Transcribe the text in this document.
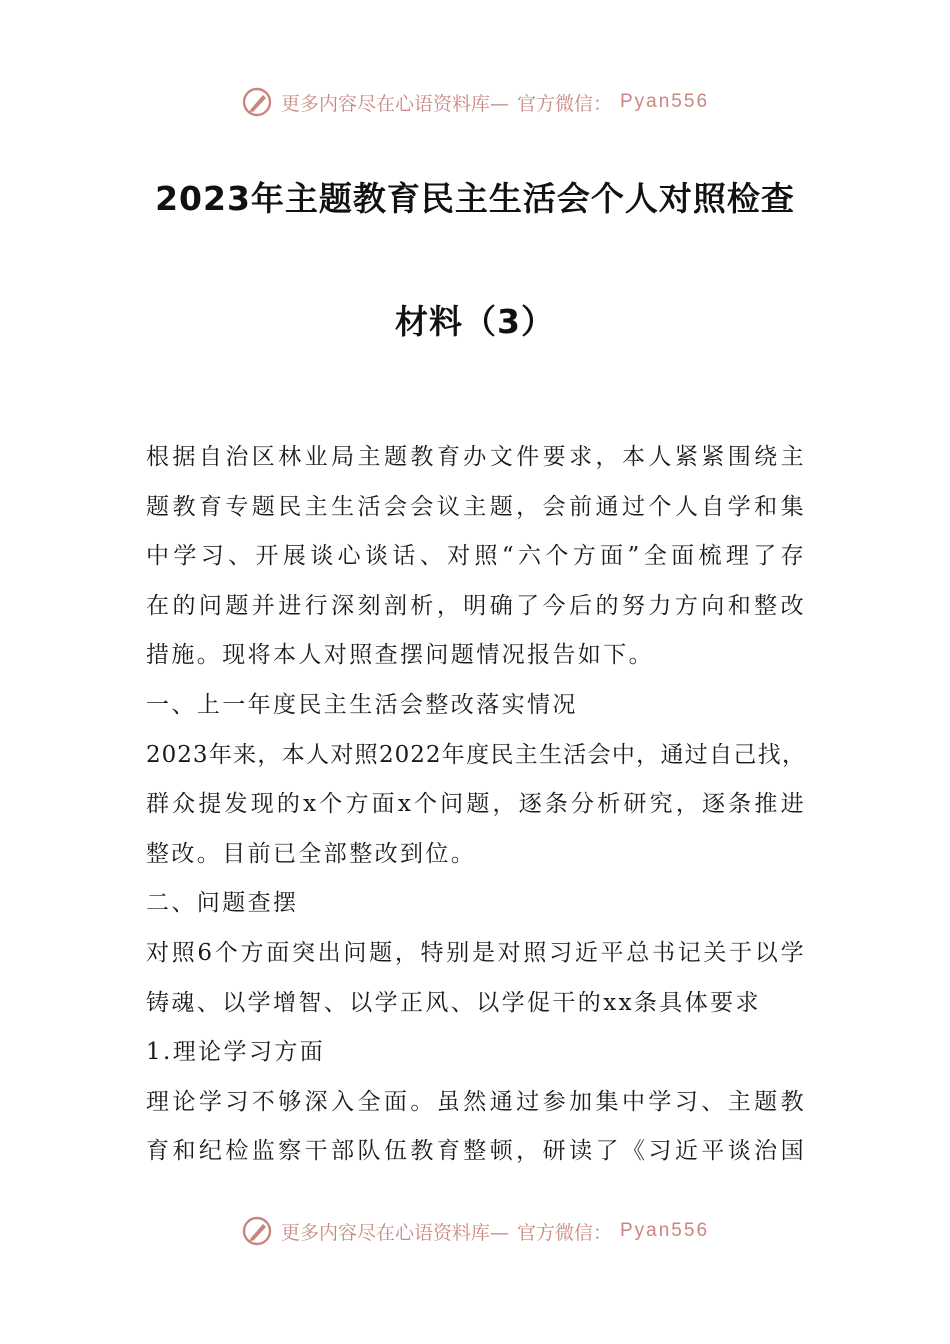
更多内容尽在心语资料库— 官方微信： Pyan556
2023年主题教育民主生活会个人对照检查
材料（3）
根据自治区林业局主题教育办文件要求，本人紧紧围绕主
题教育专题民主生活会会议主题，会前通过个人自学和集
中学习、开展谈心谈话、对照“六个方面”全面梳理了存
在的问题并进行深刻剖析，明确了今后的努力方向和整改
措施。现将本人对照查摆问题情况报告如下。
一、上一年度民主生活会整改落实情况
2023年来，本人对照2022年度民主生活会中，通过自己找，
群众提发现的x个方面x个问题，逐条分析研究，逐条推进
整改。目前已全部整改到位。
二、问题查摆
对照6个方面突出问题，特别是对照习近平总书记关于以学
铸魂、以学增智、以学正风、以学促干的xx条具体要求
1.理论学习方面
理论学习不够深入全面。虽然通过参加集中学习、主题教
育和纪检监察干部队伍教育整顿，研读了《习近平谈治国
更多内容尽在心语资料库— 官方微信： Pyan556
